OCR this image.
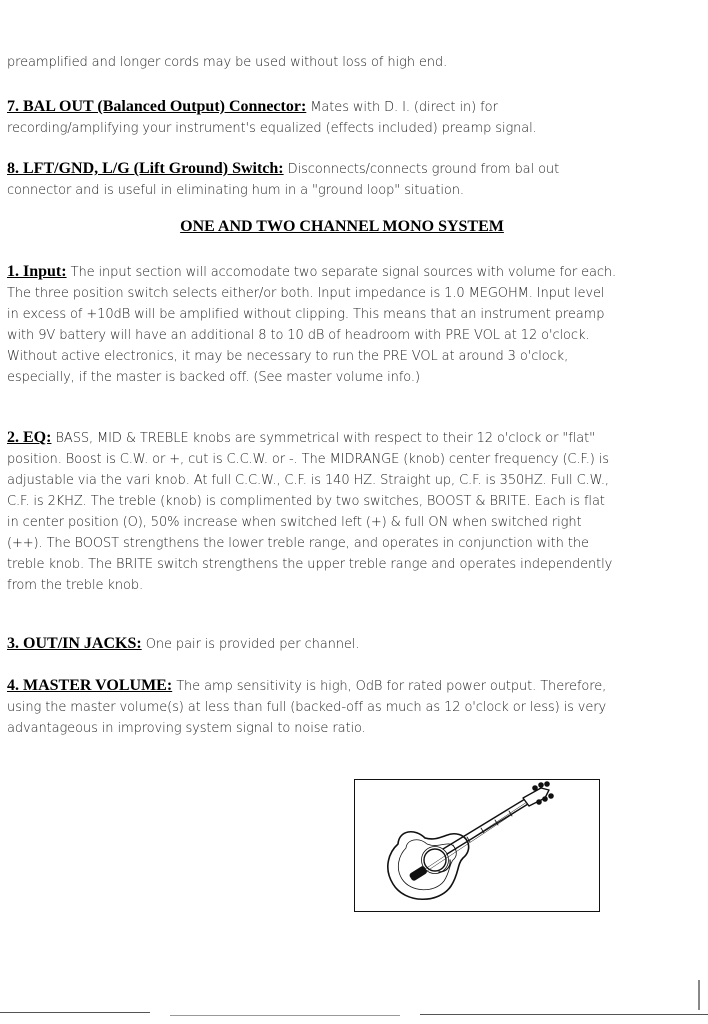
preamplified and longer cords may be used without loss of high end.

7. BAL OUT (Balanced Output) Connector: Mates with D. I. (direct in) for recording/amplifying your instrument's equalized (effects included) preamp signal.

8. LFT/GND, L/G (Lift Ground) Switch: Disconnects/connects ground from bal out connector and is useful in eliminating hum in a "ground loop" situation.

ONE AND TWO CHANNEL MONO SYSTEM

1. Input: The input section will accomodate two separate signal sources with volume for each. The three position switch selects either/or both. Input impedance is 1.0 MEGOHM. Input level in excess of +10dB will be amplified without clipping. This means that an instrument preamp with 9V battery will have an additional 8 to 10 dB of headroom with PRE VOL at 12 o'clock. Without active electronics, it may be necessary to run the PRE VOL at around 3 o'clock, especially, if the master is backed off. (See master volume info.)

2. EQ: BASS, MID & TREBLE knobs are symmetrical with respect to their 12 o'clock or "flat" position. Boost is C.W. or +, cut is C.C.W. or -. The MIDRANGE (knob) center frequency (C.F.) is adjustable via the vari knob. At full C.C.W., C.F. is 140 HZ. Straight up, C.F. is 350HZ. Full C.W., C.F. is 2KHZ. The treble (knob) is complimented by two switches, BOOST & BRITE. Each is flat in center position (O), 50% increase when switched left (+) & full ON when switched right (++). The BOOST strengthens the lower treble range, and operates in conjunction with the treble knob. The BRITE switch strengthens the upper treble range and operates independently from the treble knob.

3. OUT/IN JACKS: One pair is provided per channel.

4. MASTER VOLUME: The amp sensitivity is high, OdB for rated power output. Therefore, using the master volume(s) at less than full (backed-off as much as 12 o'clock or less) is very advantageous in improving system signal to noise ratio.
